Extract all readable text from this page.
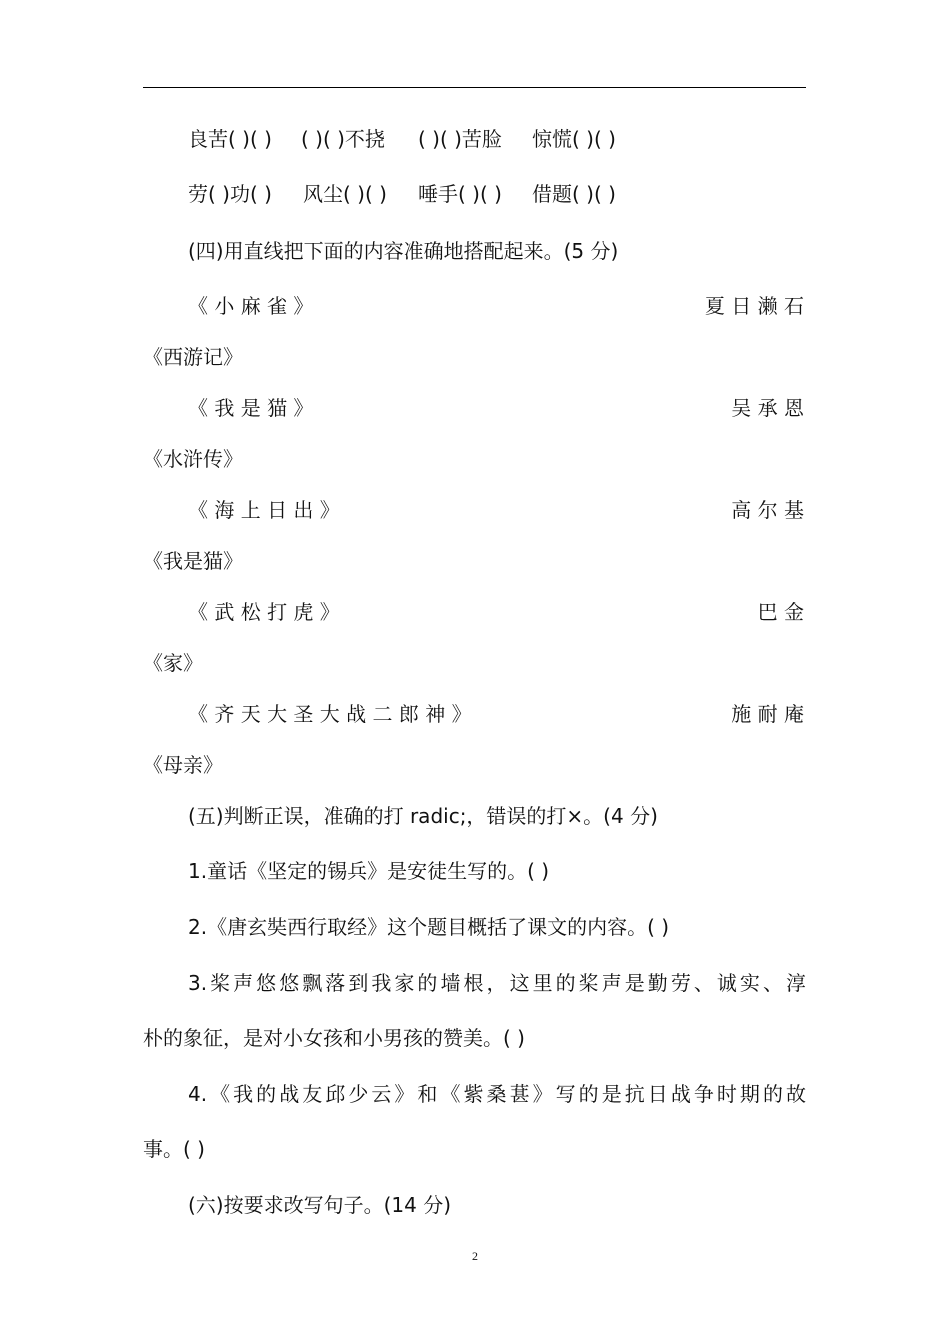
良苦( )( ) ( )( )不挠 ( )( )苦脸 惊慌( )( )
劳( )功( ) 风尘( )( ) 唾手( )( ) 借题( )( )
(四)用直线把下面的内容准确地搭配起来。(5 分)
《 小 麻 雀 》	夏 日 濑 石
《西游记》
《 我 是 猫 》	吴 承 恩
《水浒传》
《 海 上 日 出 》	高 尔 基
《我是猫》
《 武 松 打 虎 》	巴 金
《家》
《 齐 天 大 圣 大 战 二 郎 神 》	施 耐 庵
《母亲》
(五)判断正误，准确的打 radic;，错误的打×。(4 分)
1.童话《坚定的锡兵》是安徒生写的。( )
2.《唐玄奘西行取经》这个题目概括了课文的内容。( )
3.桨声悠悠飘落到我家的墙根，这里的桨声是勤劳、诚实、淳
朴的象征，是对小女孩和小男孩的赞美。( )
4.《我的战友邱少云》和《紫桑葚》写的是抗日战争时期的故
事。( )
(六)按要求改写句子。(14 分)
2
